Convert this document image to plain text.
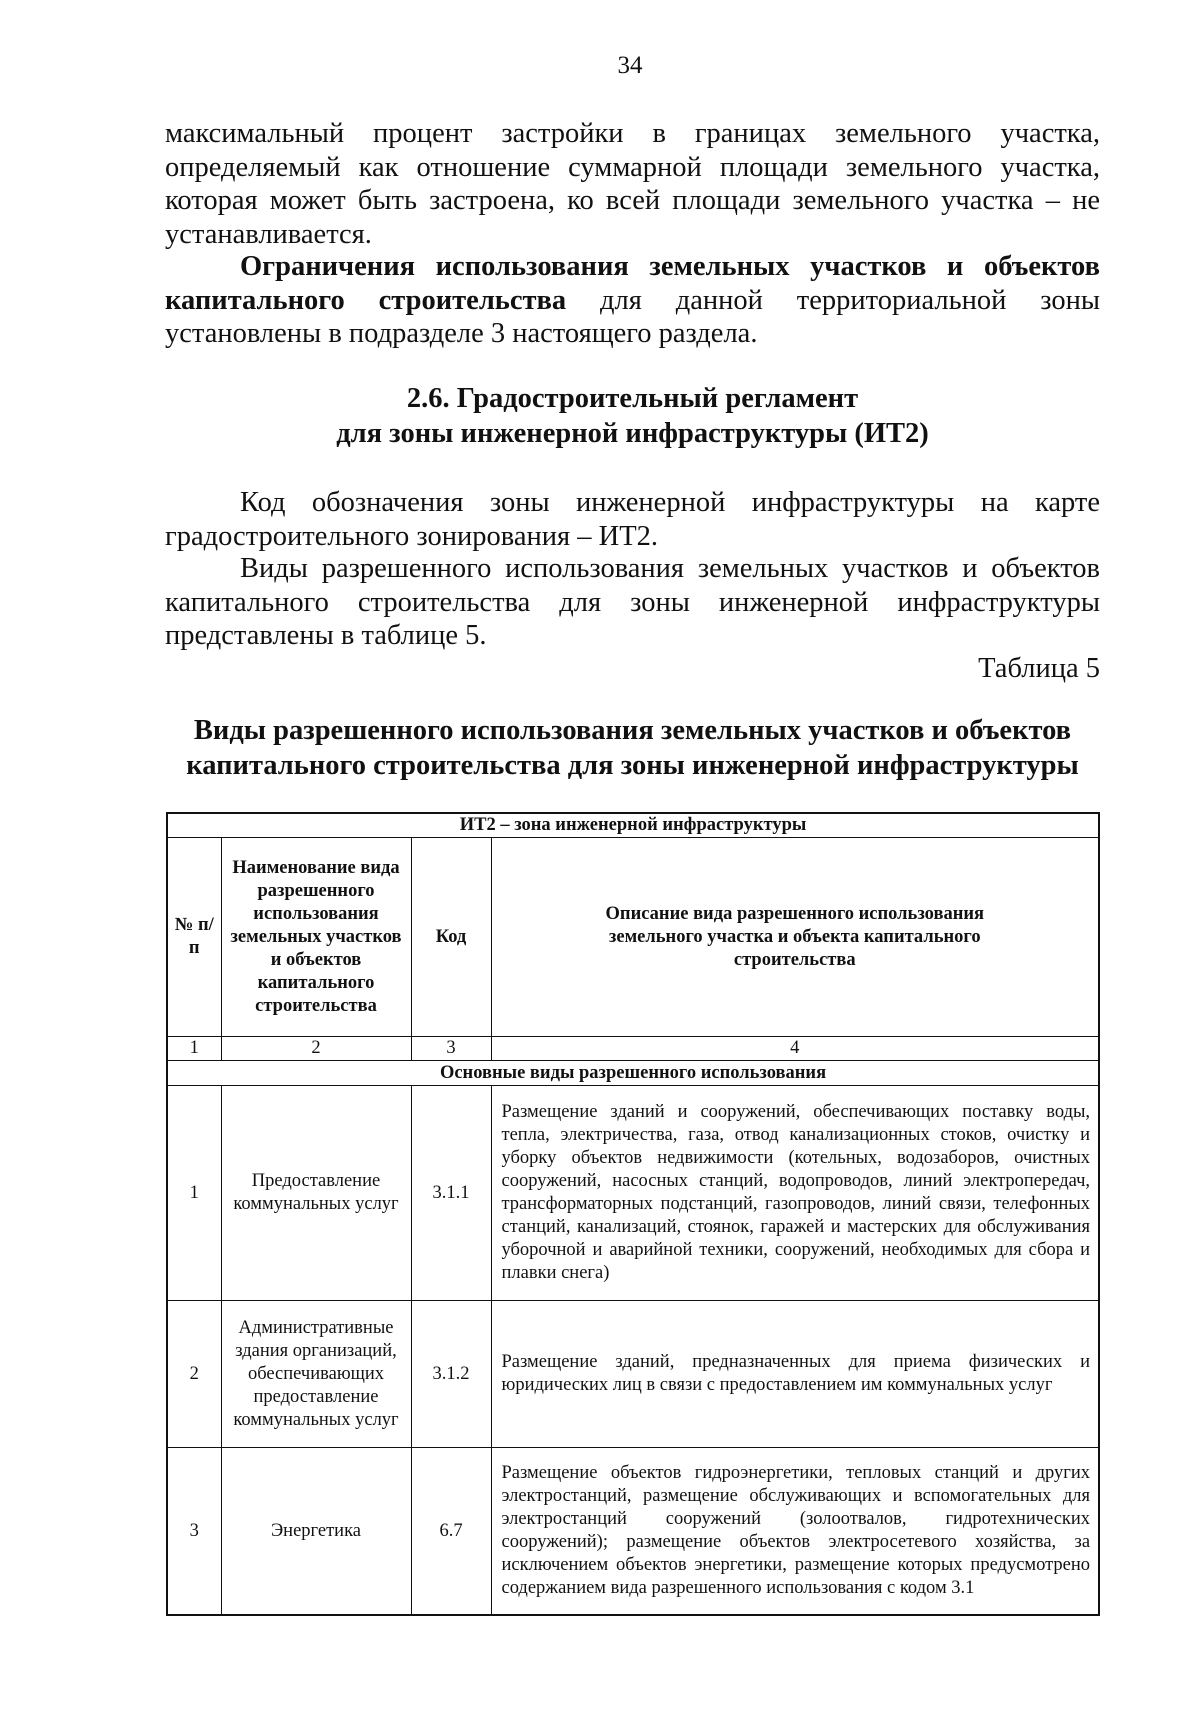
34

максимальный процент застройки в границах земельного участка, определяемый как отношение суммарной площади земельного участка, которая может быть застроена, ко всей площади земельного участка – не устанавливается.

Ограничения использования земельных участков и объектов капитального строительства для данной территориальной зоны установлены в подразделе 3 настоящего раздела.

2.6. Градостроительный регламент
для зоны инженерной инфраструктуры (ИТ2)

Код обозначения зоны инженерной инфраструктуры на карте градостроительного зонирования – ИТ2.

Виды разрешенного использования земельных участков и объектов капитального строительства для зоны инженерной инфраструктуры представлены в таблице 5.

Таблица 5

Виды разрешенного использования земельных участков и объектов
капитального строительства для зоны инженерной инфраструктуры
ИТ2 – зона инженерной инфраструктуры			
№ п/п	Наименование вида разрешенного использования земельных участков и объектов капитального строительства	Код	Описание вида разрешенного использования земельного участка и объекта капитального строительства
1	2	3	4
Основные виды разрешенного использования			
1	Предоставление коммунальных услуг	3.1.1	Размещение зданий и сооружений, обеспечивающих поставку воды, тепла, электричества, газа, отвод канализационных стоков, очистку и уборку объектов недвижимости (котельных, водозаборов, очистных сооружений, насосных станций, водопроводов, линий электропередач, трансформаторных подстанций, газопроводов, линий связи, телефонных станций, канализаций, стоянок, гаражей и мастерских для обслуживания уборочной и аварийной техники, сооружений, необходимых для сбора и плавки снега)
2	Административные здания организаций, обеспечивающих предоставление коммунальных услуг	3.1.2	Размещение зданий, предназначенных для приема физических и юридических лиц в связи с предоставлением им коммунальных услуг
3	Энергетика	6.7	Размещение объектов гидроэнергетики, тепловых станций и других электростанций, размещение обслуживающих и вспомогательных для электростанций сооружений (золоотвалов, гидротехнических сооружений); размещение объектов электросетевого хозяйства, за исключением объектов энергетики, размещение которых предусмотрено содержанием вида разрешенного использования с кодом 3.1
